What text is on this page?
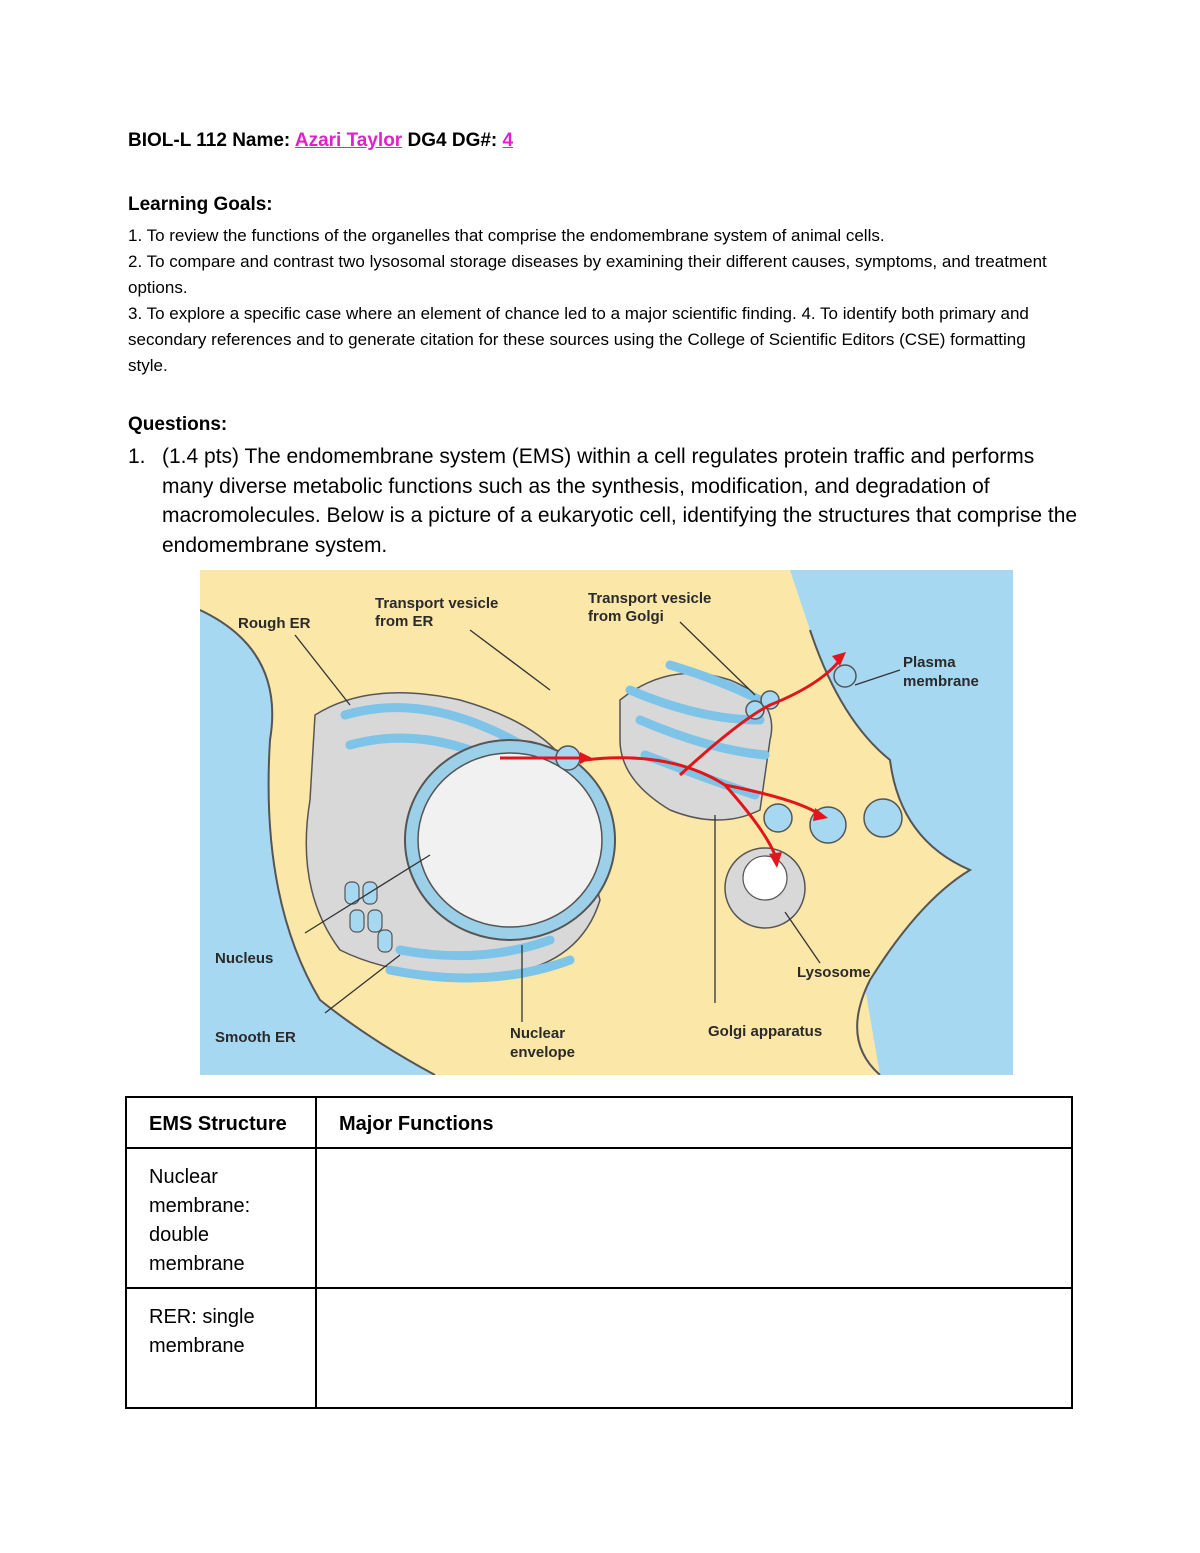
BIOL-L 112 Name: Azari Taylor DG4 DG#: 4
Learning Goals:

1. To review the functions of the organelles that comprise the endomembrane system of animal cells.

2. To compare and contrast two lysosomal storage diseases by examining their different causes, symptoms, and treatment options.

3. To explore a specific case where an element of chance led to a major scientific finding. 4. To identify both primary and secondary references and to generate citation for these sources using the College of Scientific Editors (CSE) formatting style.

Questions:
1. (1.4 pts) The endomembrane system (EMS) within a cell regulates protein traffic and performs many diverse metabolic functions such as the synthesis, modification, and degradation of macromolecules. Below is a picture of a eukaryotic cell, identifying the structures that comprise the endomembrane system.
Rough ER
Transport vesicle
from ER
Transport vesicle
from Golgi
Plasma
membrane
Nucleus
Smooth ER	Nuclear
envelope
Golgi apparatus
Lysosome
EMS Structure	Major Functions
Nuclear membrane: double membrane	
RER: single membrane	
